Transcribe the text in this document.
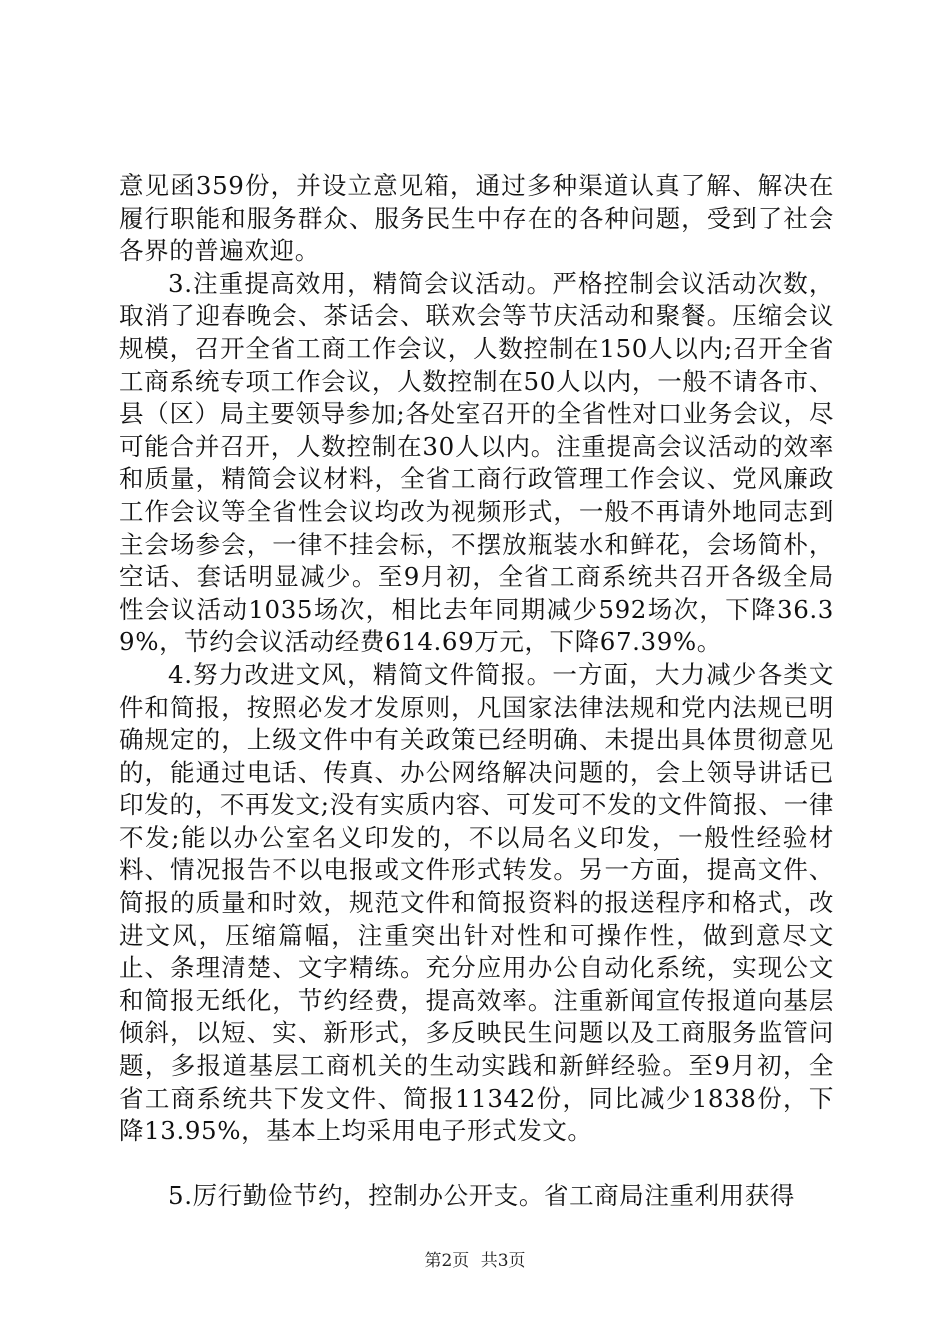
意见函359份，并设立意见箱，通过多种渠道认真了解、解决在履行职能和服务群众、服务民生中存在的各种问题，受到了社会各界的普遍欢迎。

3.注重提高效用，精简会议活动。严格控制会议活动次数，取消了迎春晚会、茶话会、联欢会等节庆活动和聚餐。压缩会议规模，召开全省工商工作会议，人数控制在150人以内;召开全省工商系统专项工作会议，人数控制在50人以内，一般不请各市、县（区）局主要领导参加;各处室召开的全省性对口业务会议，尽可能合并召开，人数控制在30人以内。注重提高会议活动的效率和质量，精简会议材料，全省工商行政管理工作会议、党风廉政工作会议等全省性会议均改为视频形式，一般不再请外地同志到主会场参会，一律不挂会标，不摆放瓶装水和鲜花，会场简朴，空话、套话明显减少。至9月初，全省工商系统共召开各级全局性会议活动1035场次，相比去年同期减少592场次，下降36.39%，节约会议活动经费614.69万元，下降67.39%。

4.努力改进文风，精简文件简报。一方面，大力减少各类文件和简报，按照必发才发原则，凡国家法律法规和党内法规已明确规定的，上级文件中有关政策已经明确、未提出具体贯彻意见的，能通过电话、传真、办公网络解决问题的，会上领导讲话已印发的，不再发文;没有实质内容、可发可不发的文件简报、一律不发;能以办公室名义印发的，不以局名义印发，一般性经验材料、情况报告不以电报或文件形式转发。另一方面，提高文件、简报的质量和时效，规范文件和简报资料的报送程序和格式，改进文风，压缩篇幅，注重突出针对性和可操作性，做到意尽文止、条理清楚、文字精练。充分应用办公自动化系统，实现公文和简报无纸化，节约经费，提高效率。注重新闻宣传报道向基层倾斜，以短、实、新形式，多反映民生问题以及工商服务监管问题，多报道基层工商机关的生动实践和新鲜经验。至9月初，全省工商系统共下发文件、简报11342份，同比减少1838份，下降13.95%，基本上均采用电子形式发文。

5.厉行勤俭节约，控制办公开支。省工商局注重利用获得

第2页 共3页
